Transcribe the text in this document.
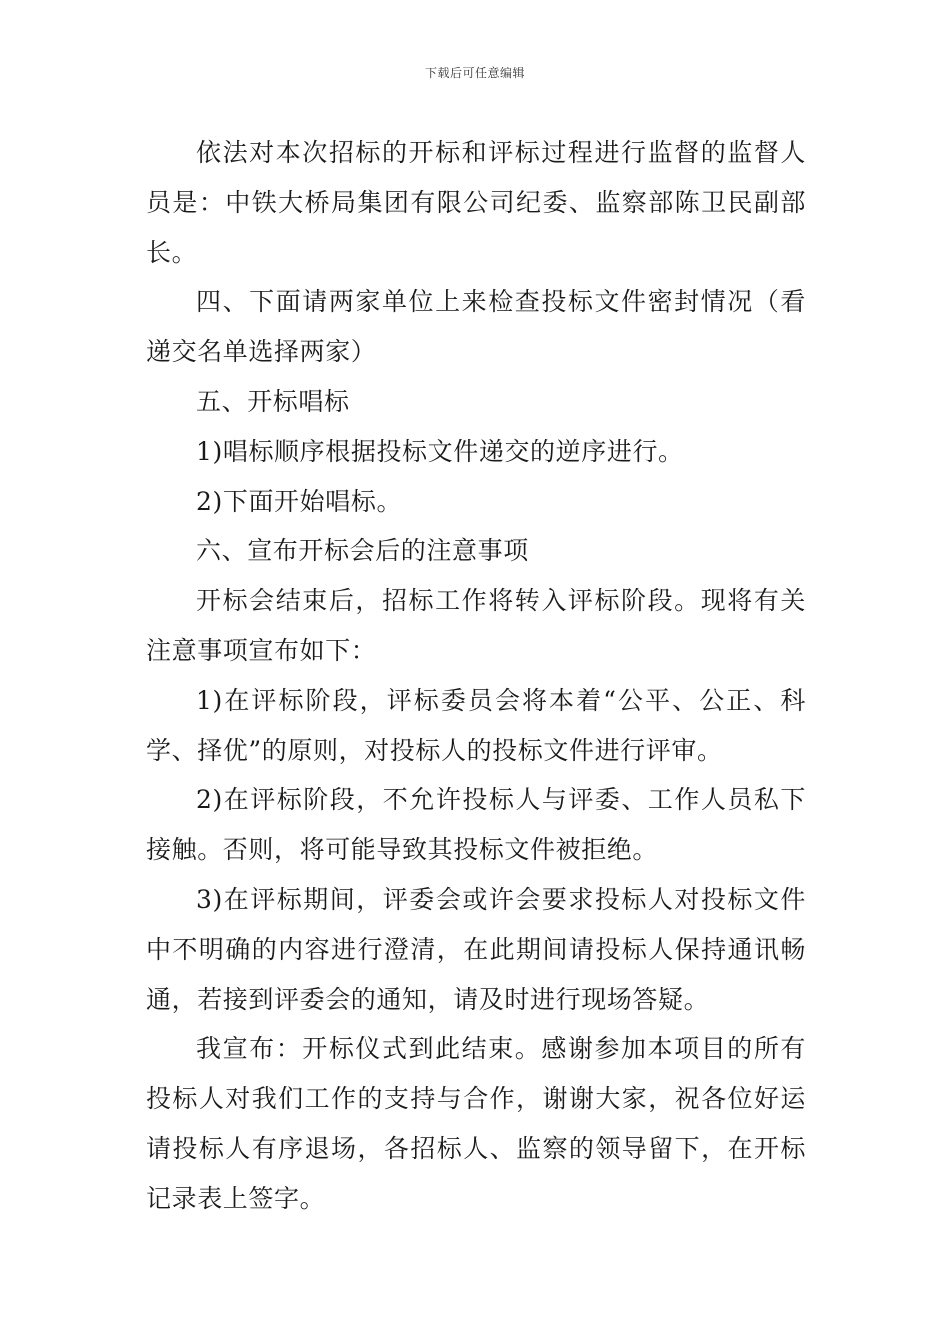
下载后可任意编辑

依法对本次招标的开标和评标过程进行监督的监督人员是：中铁大桥局集团有限公司纪委、监察部陈卫民副部长。

四、下面请两家单位上来检查投标文件密封情况（看递交名单选择两家）

五、开标唱标

1)唱标顺序根据投标文件递交的逆序进行。

2)下面开始唱标。

六、宣布开标会后的注意事项

开标会结束后，招标工作将转入评标阶段。现将有关注意事项宣布如下：

1)在评标阶段，评标委员会将本着“公平、公正、科学、择优”的原则，对投标人的投标文件进行评审。

2)在评标阶段，不允许投标人与评委、工作人员私下接触。否则，将可能导致其投标文件被拒绝。

3)在评标期间，评委会或许会要求投标人对投标文件中不明确的内容进行澄清，在此期间请投标人保持通讯畅通，若接到评委会的通知，请及时进行现场答疑。

我宣布：开标仪式到此结束。感谢参加本项目的所有投标人对我们工作的支持与合作，谢谢大家，祝各位好运请投标人有序退场，各招标人、监察的领导留下，在开标记录表上签字。
